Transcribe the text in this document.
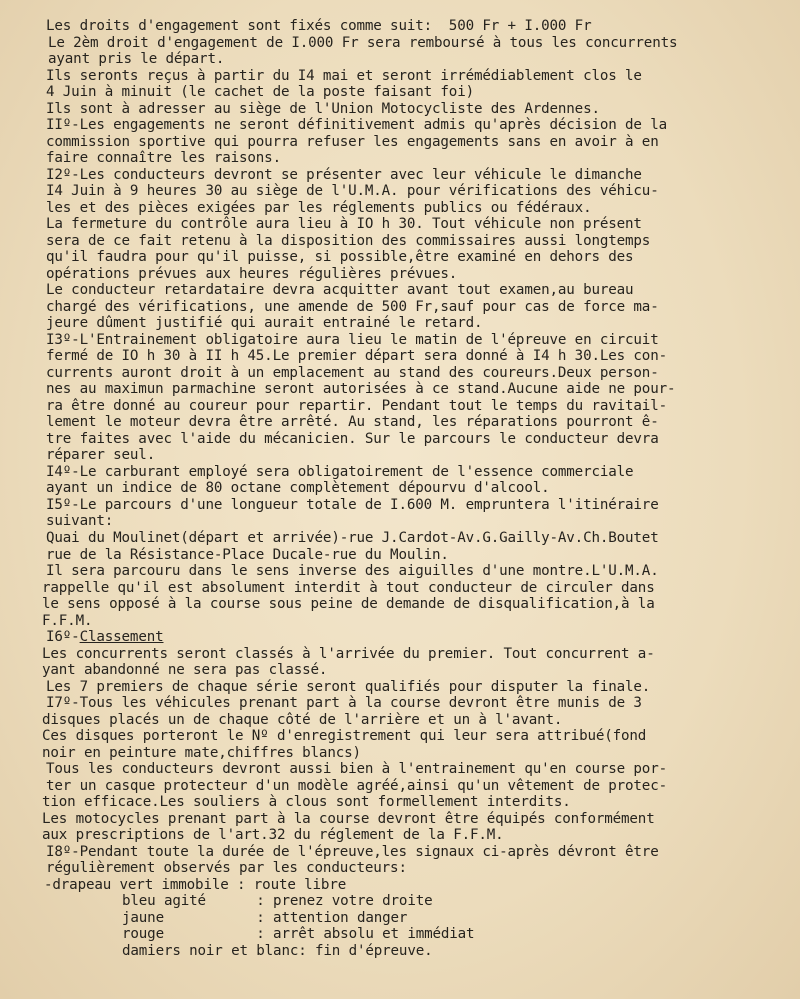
Les droits d'engagement sont fixés comme suit:  500 Fr + I.000 Fr
Le 2èm droit d'engagement de I.000 Fr sera remboursé à tous les concurrents
ayant pris le départ.
Ils seronts reçus à partir du I4 mai et seront irrémédiablement clos le
4 Juin à minuit (le cachet de la poste faisant foi)
Ils sont à adresser au siège de l'Union Motocycliste des Ardennes.
IIº-Les engagements ne seront définitivement admis qu'après décision de la
commission sportive qui pourra refuser les engagements sans en avoir à en
faire connaître les raisons.
I2º-Les conducteurs devront se présenter avec leur véhicule le dimanche
I4 Juin à 9 heures 30 au siège de l'U.M.A. pour vérifications des véhicu-
les et des pièces exigées par les réglements publics ou fédéraux.
La fermeture du contrôle aura lieu à IO h 30. Tout véhicule non présent
sera de ce fait retenu à la disposition des commissaires aussi longtemps
qu'il faudra pour qu'il puisse, si possible,être examiné en dehors des
opérations prévues aux heures régulières prévues.
Le conducteur retardataire devra acquitter avant tout examen,au bureau
chargé des vérifications, une amende de 500 Fr,sauf pour cas de force ma-
jeure dûment justifié qui aurait entrainé le retard.
I3º-L'Entrainement obligatoire aura lieu le matin de l'épreuve en circuit
fermé de IO h 30 à II h 45.Le premier départ sera donné à I4 h 30.Les con-
currents auront droit à un emplacement au stand des coureurs.Deux person-
nes au maximun parmachine seront autorisées à ce stand.Aucune aide ne pour-
ra être donné au coureur pour repartir. Pendant tout le temps du ravitail-
lement le moteur devra être arrêté. Au stand, les réparations pourront ê-
tre faites avec l'aide du mécanicien. Sur le parcours le conducteur devra
réparer seul.
I4º-Le carburant employé sera obligatoirement de l'essence commerciale
ayant un indice de 80 octane complètement dépourvu d'alcool.
I5º-Le parcours d'une longueur totale de I.600 M. empruntera l'itinéraire
suivant:
Quai du Moulinet(départ et arrivée)-rue J.Cardot-Av.G.Gailly-Av.Ch.Boutet
rue de la Résistance-Place Ducale-rue du Moulin.
Il sera parcouru dans le sens inverse des aiguilles d'une montre.L'U.M.A.
rappelle qu'il est absolument interdit à tout conducteur de circuler dans
le sens opposé à la course sous peine de demande de disqualification,à la
F.F.M.
I6º-Classement
Les concurrents seront classés à l'arrivée du premier. Tout concurrent a-
yant abandonné ne sera pas classé.
Les 7 premiers de chaque série seront qualifiés pour disputer la finale.
I7º-Tous les véhicules prenant part à la course devront être munis de 3
disques placés un de chaque côté de l'arrière et un à l'avant.
Ces disques porteront le Nº d'enregistrement qui leur sera attribué(fond
noir en peinture mate,chiffres blancs)
Tous les conducteurs devront aussi bien à l'entrainement qu'en course por-
ter un casque protecteur d'un modèle agréé,ainsi qu'un vêtement de protec-
tion efficace.Les souliers à clous sont formellement interdits.
Les motocycles prenant part à la course devront être équipés conformément
aux prescriptions de l'art.32 du réglement de la F.F.M.
I8º-Pendant toute la durée de l'épreuve,les signaux ci-après dévront être
régulièrement observés par les conducteurs:
-drapeau vert immobile : route libre
bleu agité      : prenez votre droite
jaune           : attention danger
rouge           : arrêt absolu et immédiat
damiers noir et blanc: fin d'épreuve.
